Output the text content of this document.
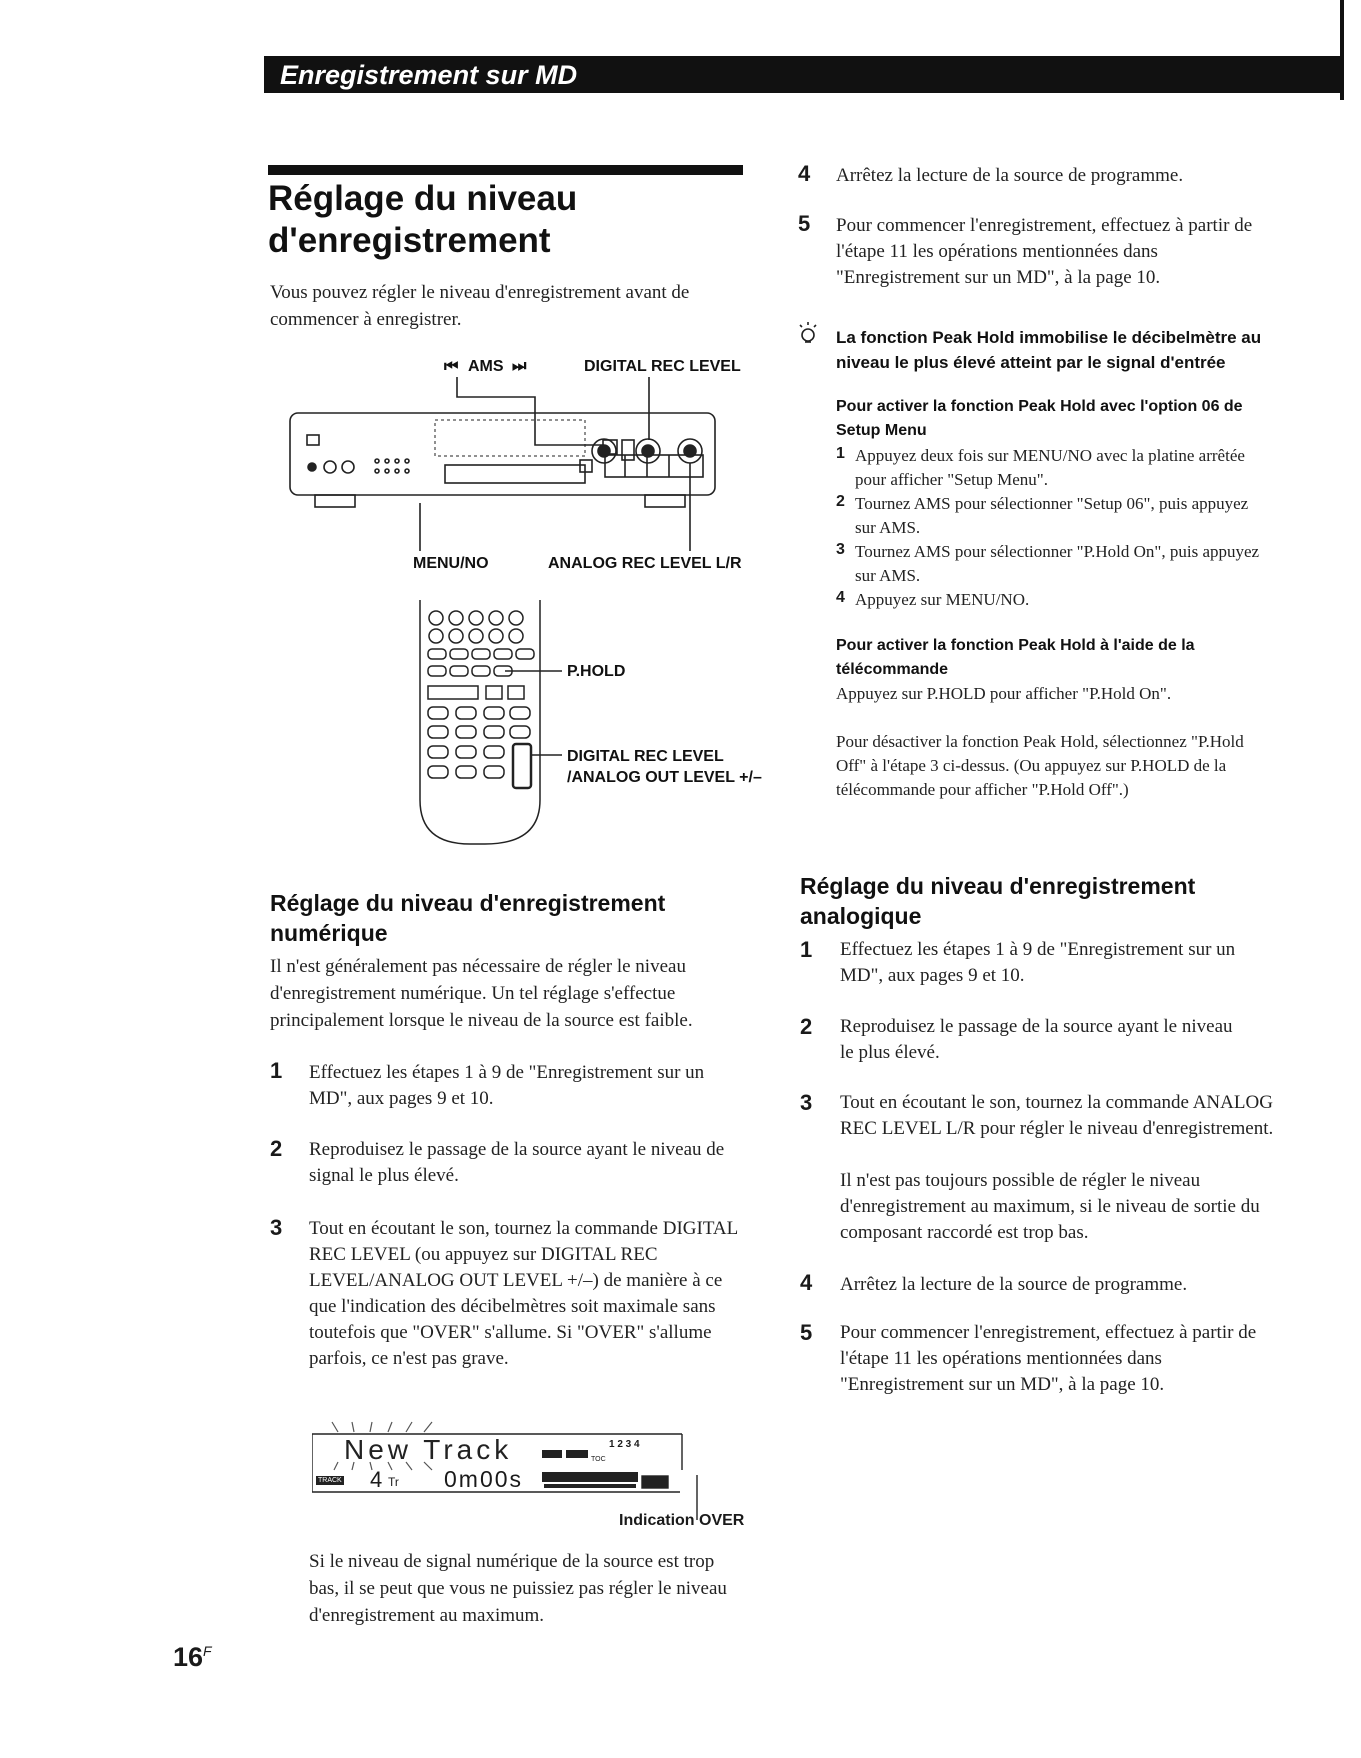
Enregistrement sur MD
Réglage du niveau d'enregistrement
Vous pouvez régler le niveau d'enregistrement avant de commencer à enregistrer.
⏮ AMS ⏭	DIGITAL REC LEVEL
MENU/NO	ANALOG REC LEVEL L/R
P.HOLD
DIGITAL REC LEVEL
/ANALOG OUT LEVEL +/–
Réglage du niveau d'enregistrement numérique
Il n'est généralement pas nécessaire de régler le niveau d'enregistrement numérique. Un tel réglage s'effectue principalement lorsque le niveau de la source est faible.
1 Effectuez les étapes 1 à 9 de "Enregistrement sur un MD", aux pages 9 et 10.
2 Reproduisez le passage de la source ayant le niveau de signal le plus élevé.
3 Tout en écoutant le son, tournez la commande DIGITAL REC LEVEL (ou appuyez sur DIGITAL REC LEVEL/ANALOG OUT LEVEL +/–) de manière à ce que l'indication des décibelmètres soit maximale sans toutefois que "OVER" s'allume. Si "OVER" s'allume parfois, ce n'est pas grave.
New Track	1 2 3 4
TOC
TRACK 4 Tr 0m00s
Indication OVER
Si le niveau de signal numérique de la source est trop bas, il se peut que vous ne puissiez pas régler le niveau d'enregistrement au maximum.
4 Arrêtez la lecture de la source de programme.
5 Pour commencer l'enregistrement, effectuez à partir de l'étape 11 les opérations mentionnées dans "Enregistrement sur un MD", à la page 10.
La fonction Peak Hold immobilise le décibelmètre au niveau le plus élevé atteint par le signal d'entrée
Pour activer la fonction Peak Hold avec l'option 06 de Setup Menu
1 Appuyez deux fois sur MENU/NO avec la platine arrêtée pour afficher "Setup Menu".
2 Tournez AMS pour sélectionner "Setup 06", puis appuyez sur AMS.
3 Tournez AMS pour sélectionner "P.Hold On", puis appuyez sur AMS.
4 Appuyez sur MENU/NO.
Pour activer la fonction Peak Hold à l'aide de la télécommande
Appuyez sur P.HOLD pour afficher "P.Hold On".
Pour désactiver la fonction Peak Hold, sélectionnez "P.Hold Off" à l'étape 3 ci-dessus. (Ou appuyez sur P.HOLD de la télécommande pour afficher "P.Hold Off".)
Réglage du niveau d'enregistrement analogique
1 Effectuez les étapes 1 à 9 de "Enregistrement sur un MD", aux pages 9 et 10.
2 Reproduisez le passage de la source ayant le niveau le plus élevé.
3 Tout en écoutant le son, tournez la commande ANALOG REC LEVEL L/R pour régler le niveau d'enregistrement.
Il n'est pas toujours possible de régler le niveau d'enregistrement au maximum, si le niveau de sortie du composant raccordé est trop bas.
4 Arrêtez la lecture de la source de programme.
5 Pour commencer l'enregistrement, effectuez à partir de l'étape 11 les opérations mentionnées dans "Enregistrement sur un MD", à la page 10.
$16^F$
